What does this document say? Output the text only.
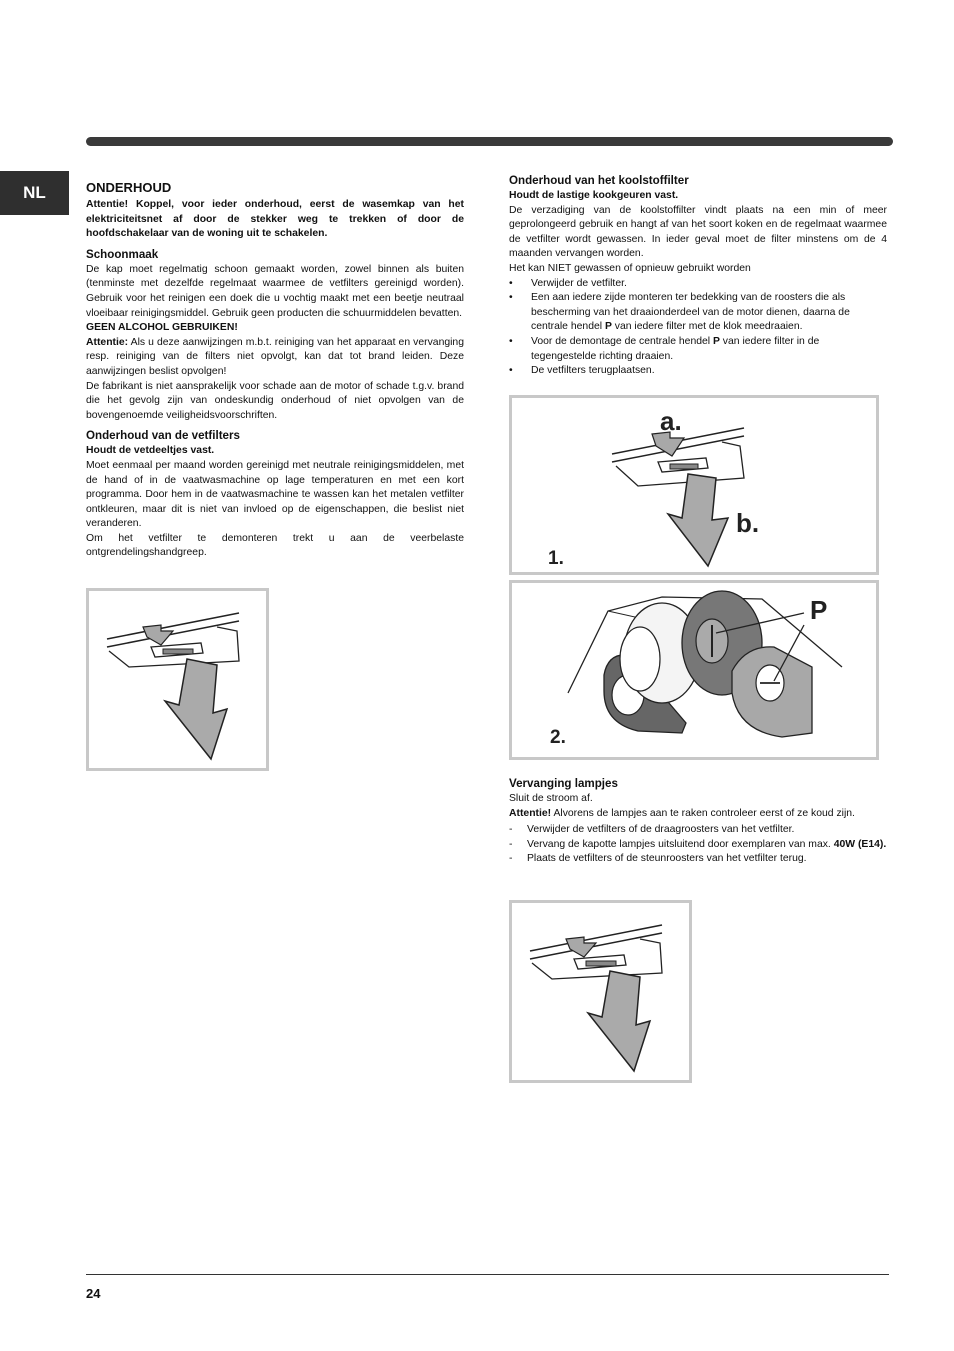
NL	ONDERHOUD

Attentie! Koppel, voor ieder onderhoud, eerst de wasemkap van het elektriciteitsnet af door de stekker weg te trekken of door de hoofdschakelaar van de woning uit te schakelen.

Schoonmaak

De kap moet regelmatig schoon gemaakt worden, zowel binnen als buiten (tenminste met dezelfde regelmaat waarmee de vetfilters gereinigd worden). Gebruik voor het reinigen een doek die u vochtig maakt met een beetje neutraal vloeibaar reinigingsmiddel. Gebruik geen producten die schuurmiddelen bevatten.

GEEN ALCOHOL GEBRUIKEN!

Attentie: Als u deze aanwijzingen m.b.t. reiniging van het apparaat en vervanging resp. reiniging van de filters niet opvolgt, kan dat tot brand leiden. Deze aanwijzingen beslist opvolgen!

De fabrikant is niet aansprakelijk voor schade aan de motor of schade t.g.v. brand die het gevolg zijn van ondeskundig onderhoud of niet opvolgen van de bovengenoemde veiligheidsvoorschriften.

Onderhoud van de vetfilters

Houdt de vetdeeltjes vast.

Moet eenmaal per maand worden gereinigd met neutrale reinigingsmiddelen, met de hand of in de vaatwasmachine op lage temperaturen en met een kort programma. Door hem in de vaatwasmachine te wassen kan het metalen vetfilter ontkleuren, maar dit is niet van invloed op de eigenschappen, die beslist niet veranderen.

Om het vetfilter te demonteren trekt u aan de veerbelaste ontgrendelingshandgreep.

Onderhoud van het koolstoffilter

Houdt de lastige kookgeuren vast.

De verzadiging van de koolstoffilter vindt plaats na een min of meer geprolongeerd gebruik en hangt af van het soort koken en de regelmaat waarmee de vetfilter wordt gewassen. In ieder geval moet de filter minstens om de 4 maanden vervangen worden.

Het kan NIET gewassen of opnieuw gebruikt worden

• Verwijder de vetfilter.
• Een aan iedere zijde monteren ter bedekking van de roosters die als bescherming van het draaionderdeel van de motor dienen, daarna de centrale hendel P van iedere filter met de klok meedraaien.
• Voor de demontage de centrale hendel P van iedere filter in de tegengestelde richting draaien.
• De vetfilters terugplaatsen.
a.
b.
1.
P
2.
Vervanging lampjes

Sluit de stroom af.

Attentie! Alvorens de lampjes aan te raken controleer eerst of ze koud zijn.

- Verwijder de vetfilters of de draagroosters van het vetfilter.
- Vervang de kapotte lampjes uitsluitend door exemplaren van max. 40W (E14).
- Plaats de vetfilters of de steunroosters van het vetfilter terug.
24
